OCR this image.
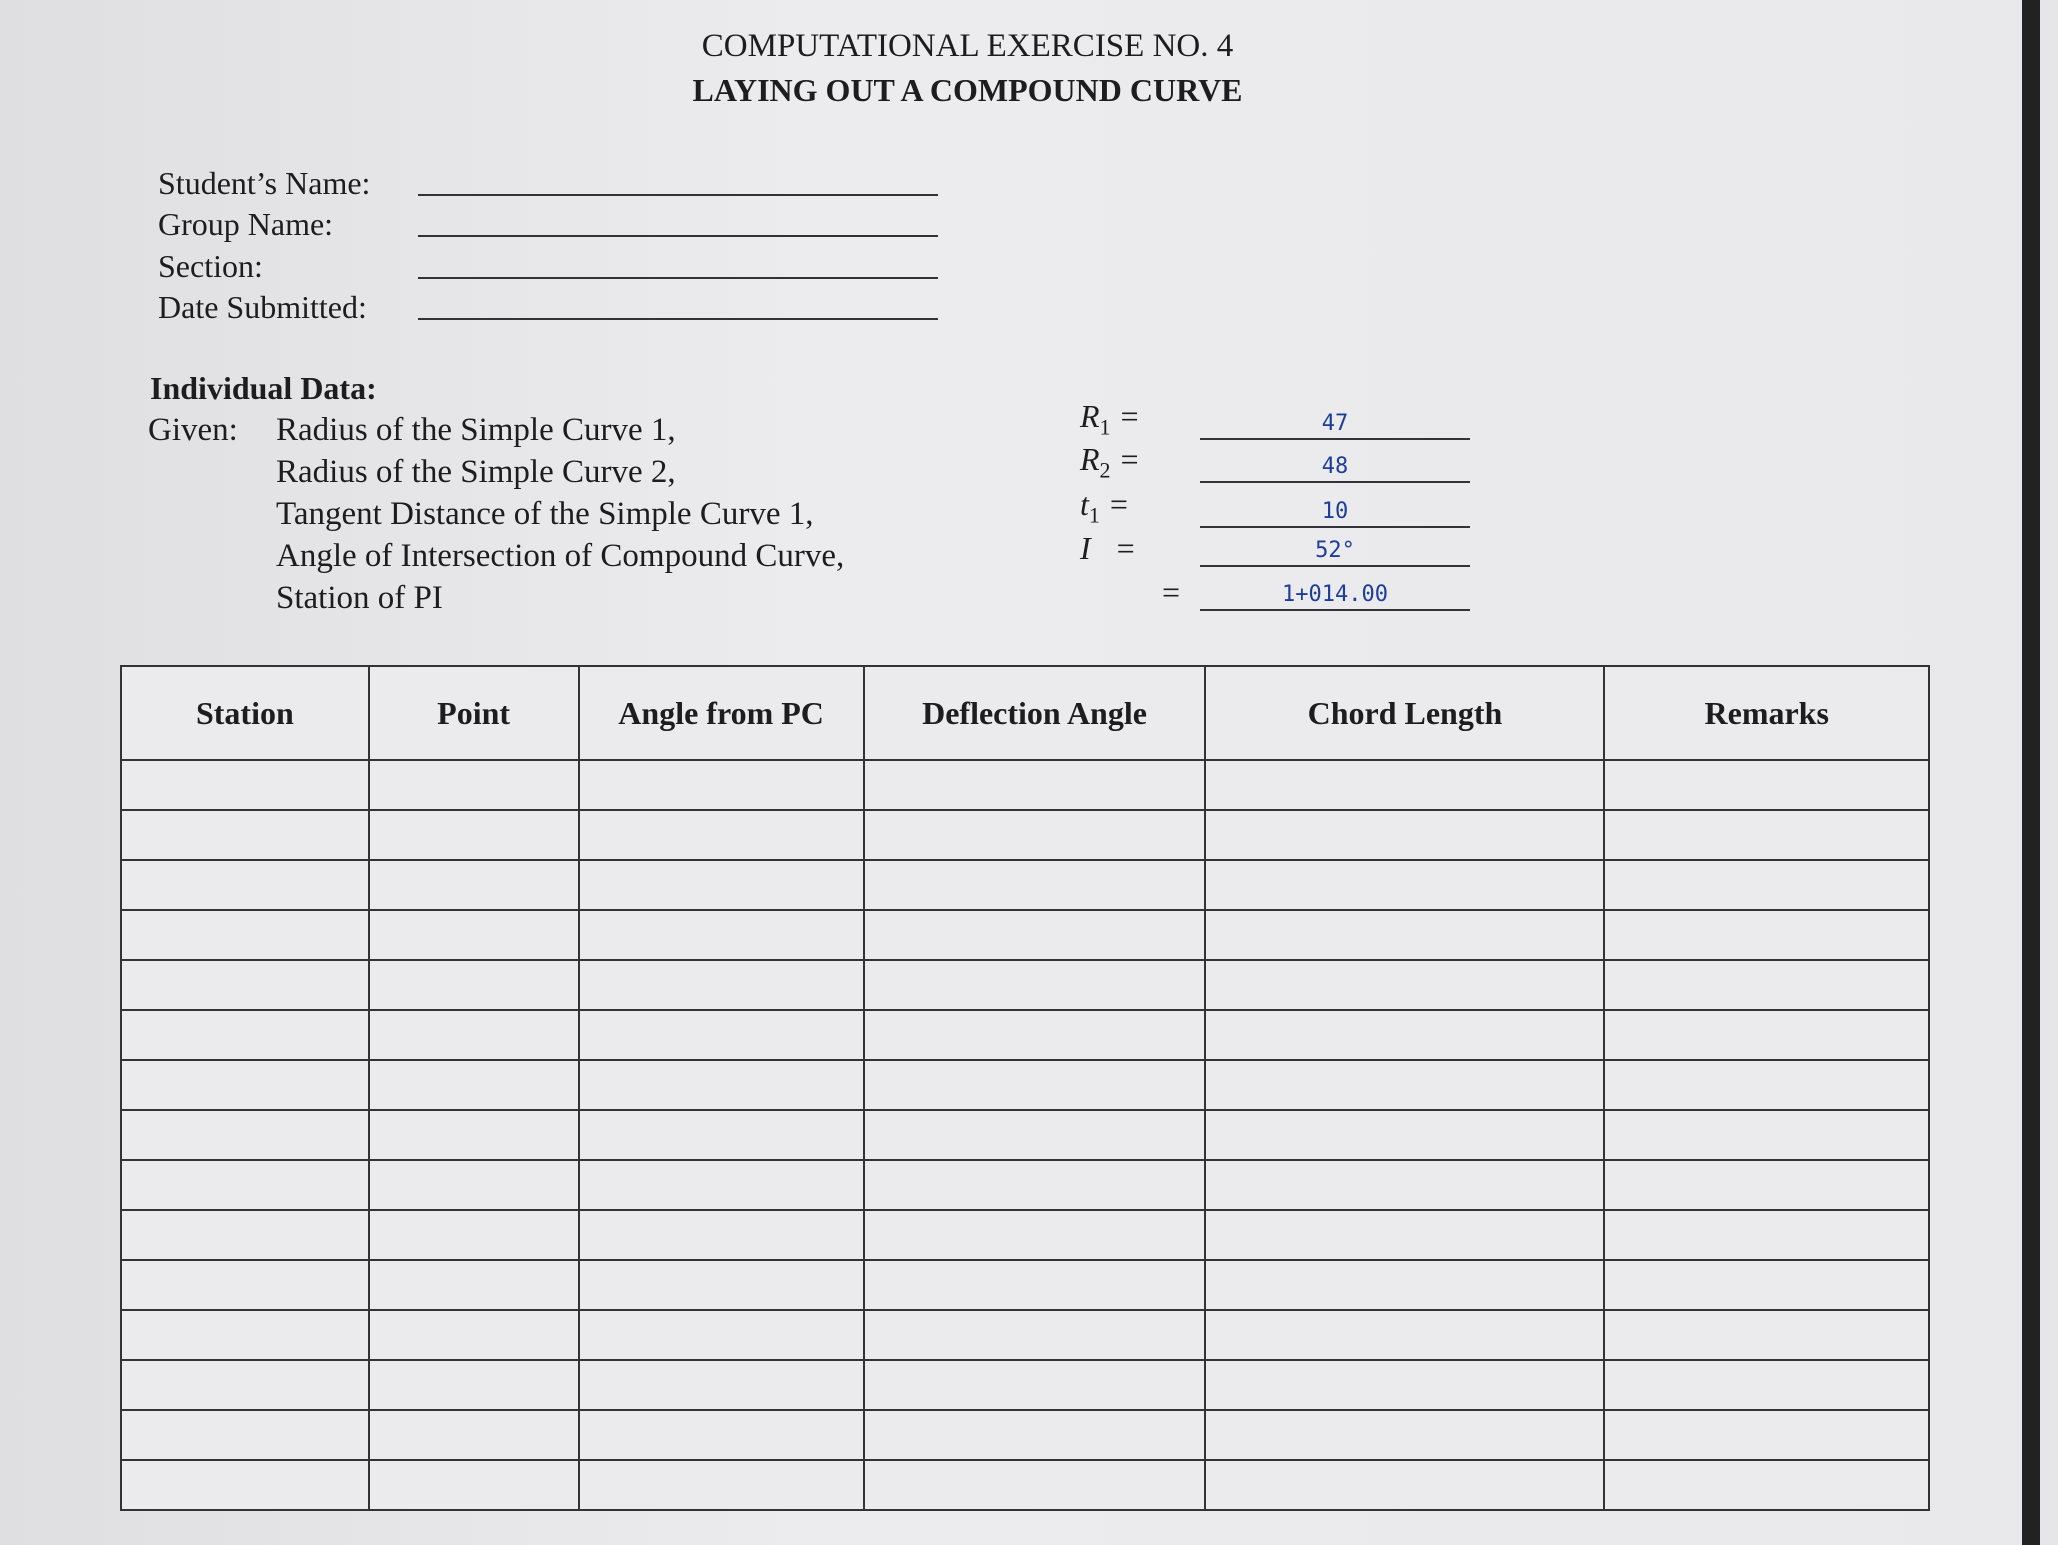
COMPUTATIONAL EXERCISE NO. 4
LAYING OUT A COMPOUND CURVE
Student’s Name:
Group Name:
Section:
Date Submitted:
Individual Data:
Given: Radius of the Simple Curve 1,
Radius of the Simple Curve 2,
Tangent Distance of the Simple Curve 1,
Angle of Intersection of Compound Curve,
Station of PI
$R_1$ =	47
$R_2$ =	48
$t_1$ =	10
I =	52°
=	1+014.00
Station	Point	Angle from PC	Deflection Angle	Chord Length	Remarks
